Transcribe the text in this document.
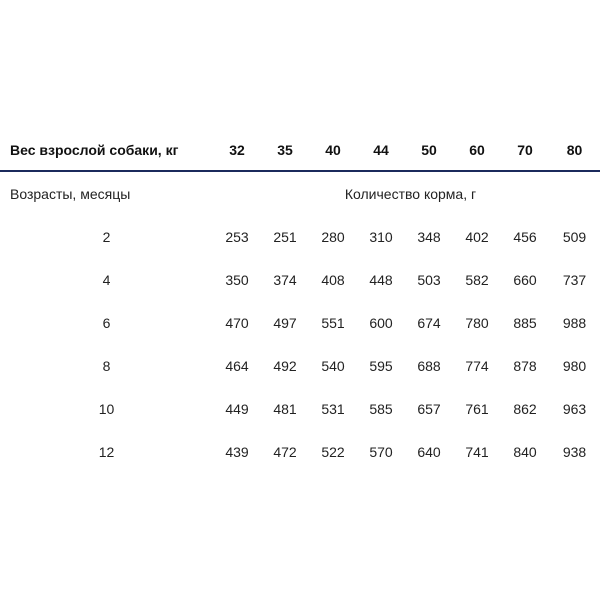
Вес взрослой собаки, кг	32	35	40	44	50	60	70	80
Возрасты, месяцы	Количество корма, г							
2	253	251	280	310	348	402	456	509
4	350	374	408	448	503	582	660	737
6	470	497	551	600	674	780	885	988
8	464	492	540	595	688	774	878	980
10	449	481	531	585	657	761	862	963
12	439	472	522	570	640	741	840	938
